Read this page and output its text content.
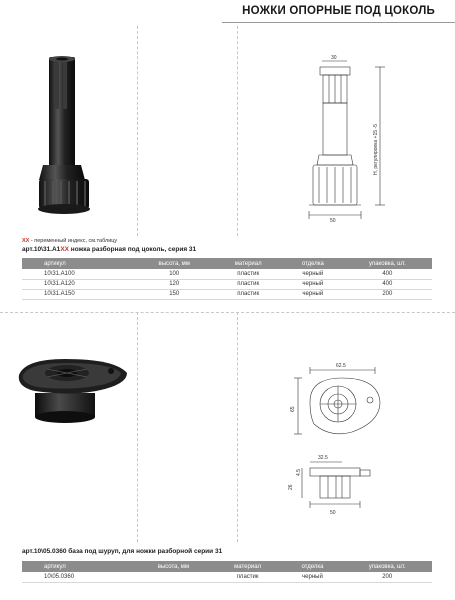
НОЖКИ ОПОРНЫЕ ПОД ЦОКОЛЬ
30
50
H, регулировка +15 -5
XX - переменный индекс, см.таблицу
арт.10\31.A1XX ножка разборная под цоколь, серия 31
артикул	высота, мм	материал	отделка	упаковка, шт.
10\31.A100	100	пластик	черный	400
10\31.A120	120	пластик	черный	400
10\31.A150	150	пластик	черный	200
62.5
65
32.5
26
4.5
50
арт.10\05.0360 база под шуруп, для ножки разборной серии 31
артикул	высота, мм	материал	отделка	упаковка, шт.
10\05.0360		пластик	черный	200
